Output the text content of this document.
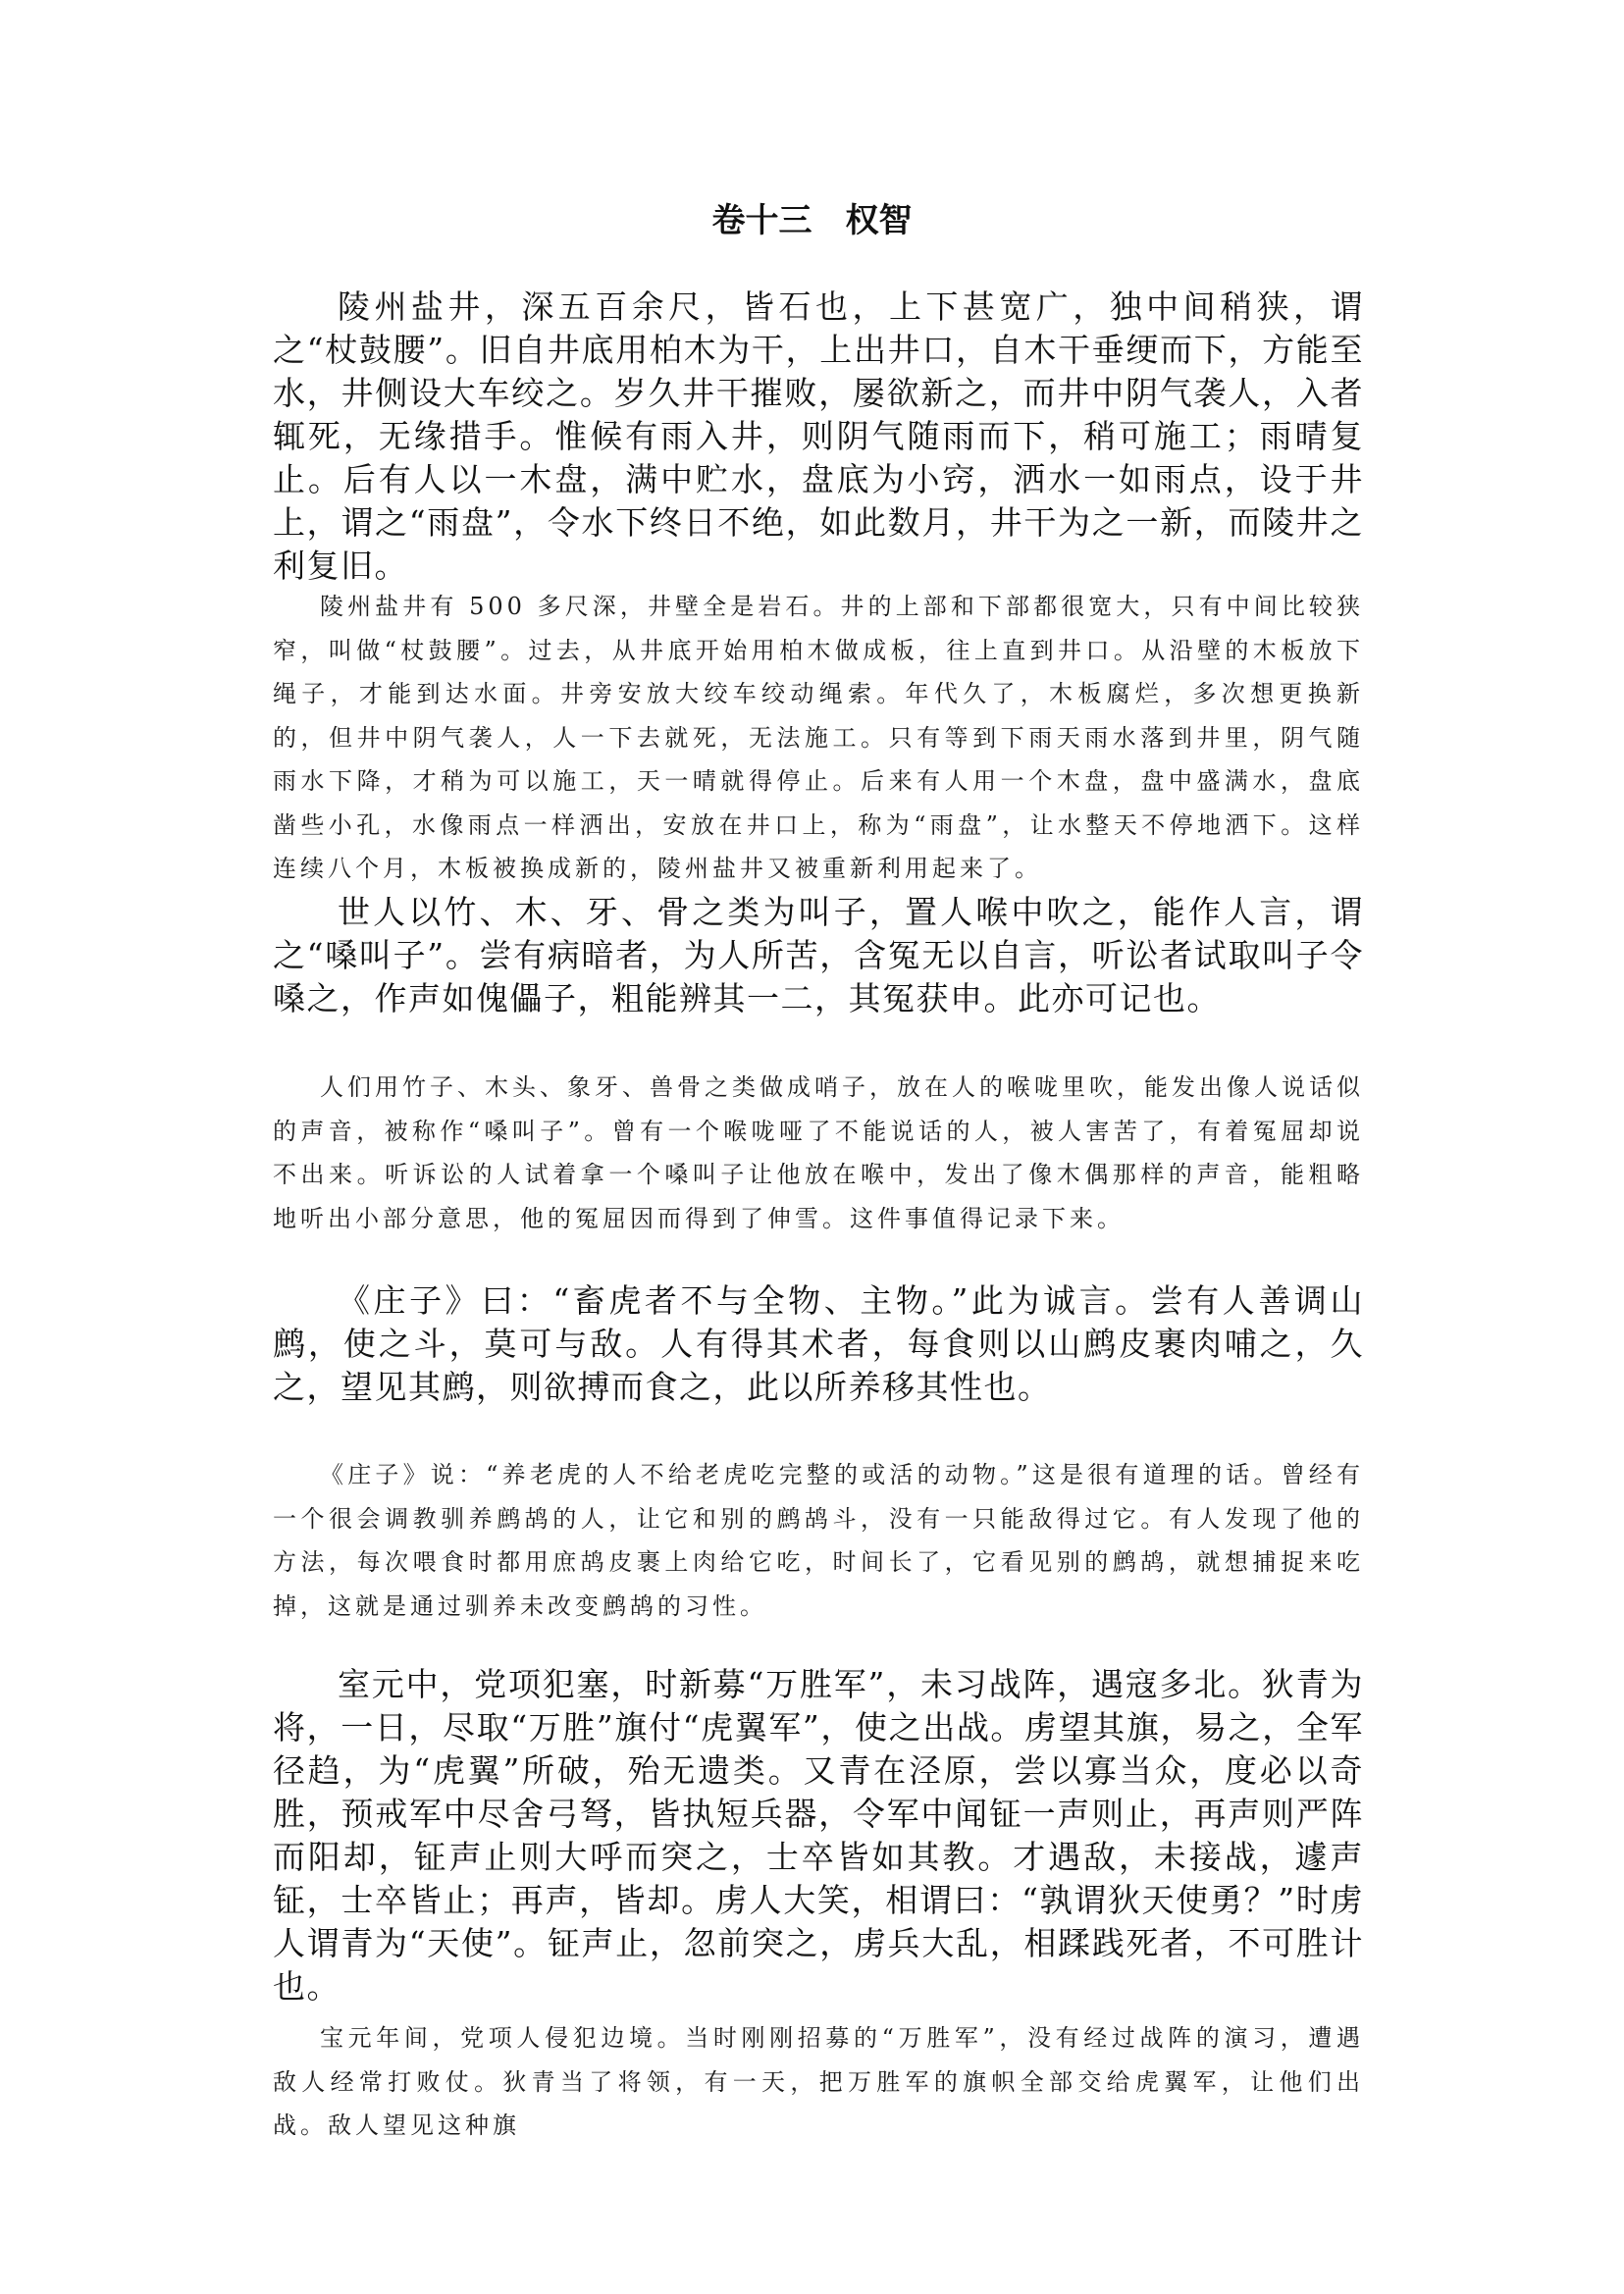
卷十三　权智

陵州盐井，深五百余尺，皆石也，上下甚宽广，独中间稍狭，谓之“杖鼓腰”。旧自井底用柏木为干，上出井口，自木干垂绠而下，方能至水，井侧设大车绞之。岁久井干摧败，屡欲新之，而井中阴气袭人，入者辄死，无缘措手。惟候有雨入井，则阴气随雨而下，稍可施工；雨晴复止。后有人以一木盘，满中贮水，盘底为小窍，洒水一如雨点，设于井上，谓之“雨盘”，令水下终日不绝，如此数月，井干为之一新，而陵井之利复旧。

陵州盐井有 500 多尺深，井壁全是岩石。井的上部和下部都很宽大，只有中间比较狭窄，叫做“杖鼓腰”。过去，从井底开始用柏木做成板，往上直到井口。从沿壁的木板放下绳子，才能到达水面。井旁安放大绞车绞动绳索。年代久了，木板腐烂，多次想更换新的，但井中阴气袭人，人一下去就死，无法施工。只有等到下雨天雨水落到井里，阴气随雨水下降，才稍为可以施工，天一晴就得停止。后来有人用一个木盘，盘中盛满水，盘底凿些小孔，水像雨点一样洒出，安放在井口上，称为“雨盘”，让水整天不停地洒下。这样连续八个月，木板被换成新的，陵州盐井又被重新利用起来了。

世人以竹、木、牙、骨之类为叫子，置人喉中吹之，能作人言，谓之“嗓叫子”。尝有病暗者，为人所苦，含冤无以自言，听讼者试取叫子令嗓之，作声如傀儡子，粗能辨其一二，其冤获申。此亦可记也。

人们用竹子、木头、象牙、兽骨之类做成哨子，放在人的喉咙里吹，能发出像人说话似的声音，被称作“嗓叫子”。曾有一个喉咙哑了不能说话的人，被人害苦了，有着冤屈却说不出来。听诉讼的人试着拿一个嗓叫子让他放在喉中，发出了像木偶那样的声音，能粗略地听出小部分意思，他的冤屈因而得到了伸雪。这件事值得记录下来。

《庄子》曰：“畜虎者不与全物、主物。”此为诚言。尝有人善调山鹧，使之斗，莫可与敌。人有得其术者，每食则以山鹧皮裹肉哺之，久之，望见其鹧，则欲搏而食之，此以所养移其性也。

《庄子》说：“养老虎的人不给老虎吃完整的或活的动物。”这是很有道理的话。曾经有一个很会调教驯养鹧鸪的人，让它和别的鹧鸪斗，没有一只能敌得过它。有人发现了他的方法，每次喂食时都用庶鸪皮裹上肉给它吃，时间长了，它看见别的鹧鸪，就想捕捉来吃掉，这就是通过驯养未改变鹧鸪的习性。

室元中，党项犯塞，时新募“万胜军”，未习战阵，遇寇多北。狄青为将，一日，尽取“万胜”旗付“虎翼军”，使之出战。虏望其旗，易之，全军径趋，为“虎翼”所破，殆无遗类。又青在泾原，尝以寡当众，度必以奇胜，预戒军中尽舍弓弩，皆执短兵器，令军中闻钲一声则止，再声则严阵而阳却，钲声止则大呼而突之，士卒皆如其教。才遇敌，未接战，遽声钲，士卒皆止；再声，皆却。虏人大笑，相谓曰：“孰谓狄天使勇？”时虏人谓青为“天使”。钲声止，忽前突之，虏兵大乱，相蹂践死者，不可胜计也。

宝元年间，党项人侵犯边境。当时刚刚招募的“万胜军”，没有经过战阵的演习，遭遇敌人经常打败仗。狄青当了将领，有一天，把万胜军的旗帜全部交给虎翼军，让他们出战。敌人望见这种旗
